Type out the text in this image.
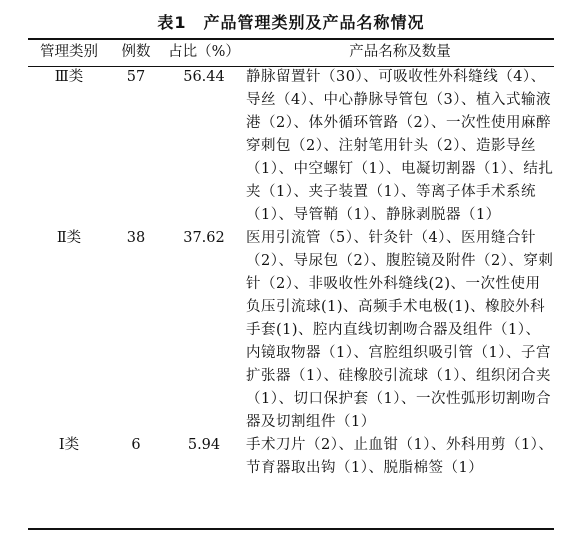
表1　产品管理类别及产品名称情况
管理类别	例数	占比（%）	产品名称及数量
Ⅲ类	57	56.44	静脉留置针（30）、可吸收性外科缝线（4）、导丝（4）、中心静脉导管包（3）、植入式输液港（2）、体外循环管路（2）、一次性使用麻醉穿刺包（2）、注射笔用针头（2）、造影导丝（1）、中空螺钉（1）、电凝切割器（1）、结扎夹（1）、夹子装置（1）、等离子体手术系统（1）、导管鞘（1）、静脉剥脱器（1）
Ⅱ类	38	37.62	医用引流管（5）、针灸针（4）、医用缝合针（2）、导尿包（2）、腹腔镜及附件（2）、穿刺针（2）、非吸收性外科缝线(2)、一次性使用负压引流球(1)、高频手术电极(1)、橡胶外科手套(1)、腔内直线切割吻合器及组件（1）、内镜取物器（1）、宫腔组织吸引管（1）、子宫扩张器（1）、硅橡胶引流球（1）、组织闭合夹（1）、切口保护套（1）、一次性弧形切割吻合器及切割组件（1）
Ⅰ类	6	5.94	手术刀片（2）、止血钳（1）、外科用剪（1）、节育器取出钩（1）、脱脂棉签（1）
